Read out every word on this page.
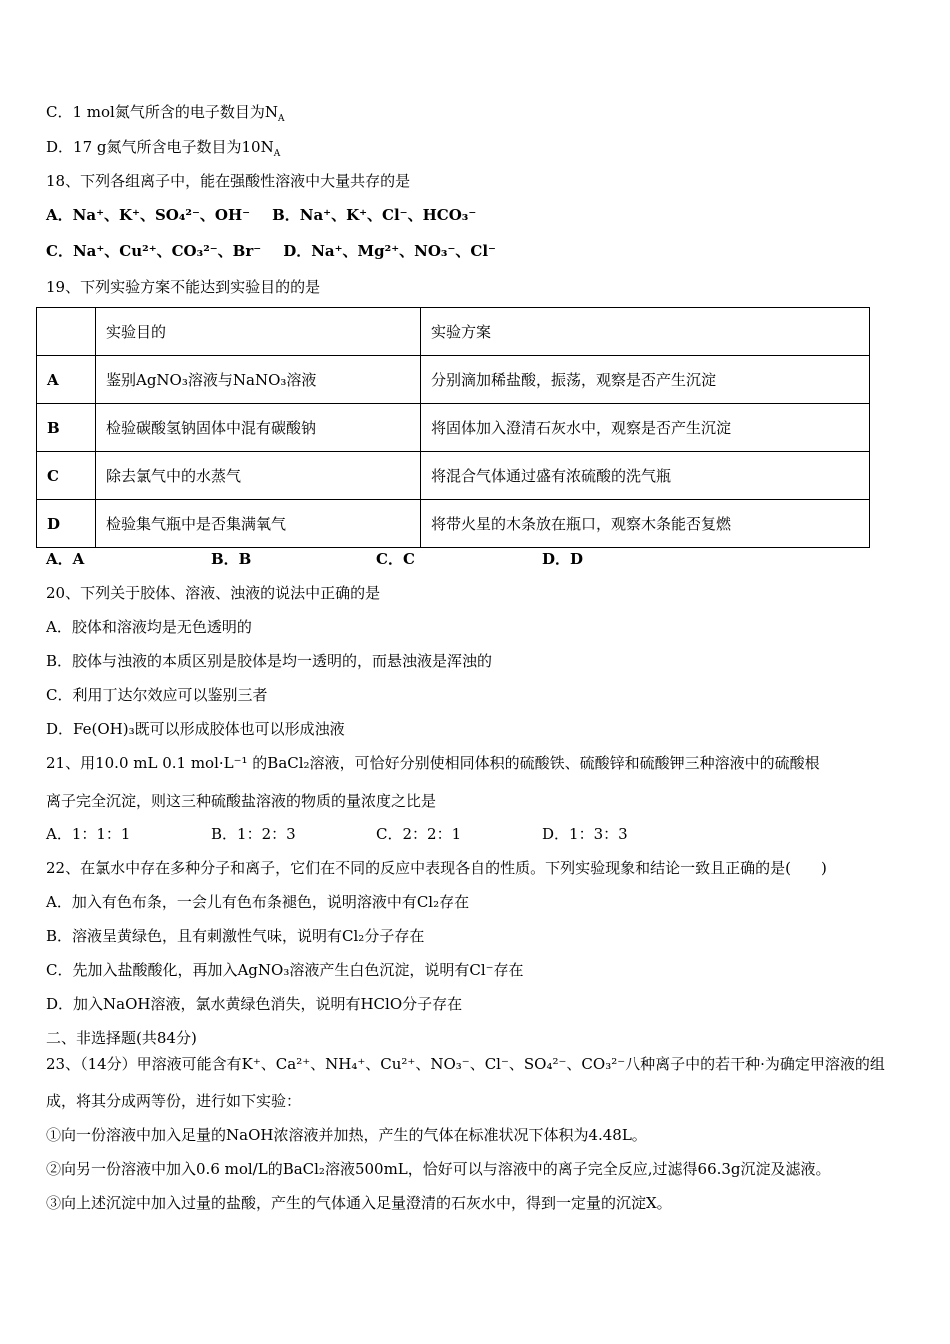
C．1 mol氮气所含的电子数目为$N_A$
D．17 g氮气所含电子数目为$10N_A$
18、下列各组离子中，能在强酸性溶液中大量共存的是
A．Na⁺、K⁺、SO₄²⁻、OH⁻ B．Na⁺、K⁺、Cl⁻、HCO₃⁻
C．Na⁺、Cu²⁺、CO₃²⁻、Br⁻ D．Na⁺、Mg²⁺、NO₃⁻、Cl⁻
19、下列实验方案不能达到实验目的的是
	实验目的	实验方案
A	鉴别AgNO₃溶液与NaNO₃溶液	分别滴加稀盐酸，振荡，观察是否产生沉淀
B	检验碳酸氢钠固体中混有碳酸钠	将固体加入澄清石灰水中，观察是否产生沉淀
C	除去氯气中的水蒸气	将混合气体通过盛有浓硫酸的洗气瓶
D	检验集气瓶中是否集满氧气	将带火星的木条放在瓶口，观察木条能否复燃
A．A	B．B	C．C	D．D
20、下列关于胶体、溶液、浊液的说法中正确的是
A．胶体和溶液均是无色透明的
B．胶体与浊液的本质区别是胶体是均一透明的，而悬浊液是浑浊的
C．利用丁达尔效应可以鉴别三者
D．Fe(OH)₃既可以形成胶体也可以形成浊液
21、用10.0 mL 0.1 mol·L⁻¹ 的BaCl₂溶液，可恰好分别使相同体积的硫酸铁、硫酸锌和硫酸钾三种溶液中的硫酸根
离子完全沉淀，则这三种硫酸盐溶液的物质的量浓度之比是
A．1：1：1	B．1：2：3	C．2：2：1	D．1：3：3
22、在氯水中存在多种分子和离子，它们在不同的反应中表现各自的性质。下列实验现象和结论一致且正确的是(　　)
A．加入有色布条，一会儿有色布条褪色，说明溶液中有Cl₂存在
B．溶液呈黄绿色，且有刺激性气味，说明有Cl₂分子存在
C．先加入盐酸酸化，再加入AgNO₃溶液产生白色沉淀，说明有Cl⁻存在
D．加入NaOH溶液，氯水黄绿色消失，说明有HClO分子存在
二、非选择题(共84分)
23、（14分）甲溶液可能含有K⁺、Ca²⁺、NH₄⁺、Cu²⁺、NO₃⁻、Cl⁻、SO₄²⁻、CO₃²⁻八种离子中的若干种·为确定甲溶液的组
成，将其分成两等份，进行如下实验：
①向一份溶液中加入足量的NaOH浓溶液并加热，产生的气体在标准状况下体积为4.48L。
②向另一份溶液中加入0.6 mol/L的BaCl₂溶液500mL，恰好可以与溶液中的离子完全反应,过滤得66.3g沉淀及滤液。
③向上述沉淀中加入过量的盐酸，产生的气体通入足量澄清的石灰水中，得到一定量的沉淀X。
